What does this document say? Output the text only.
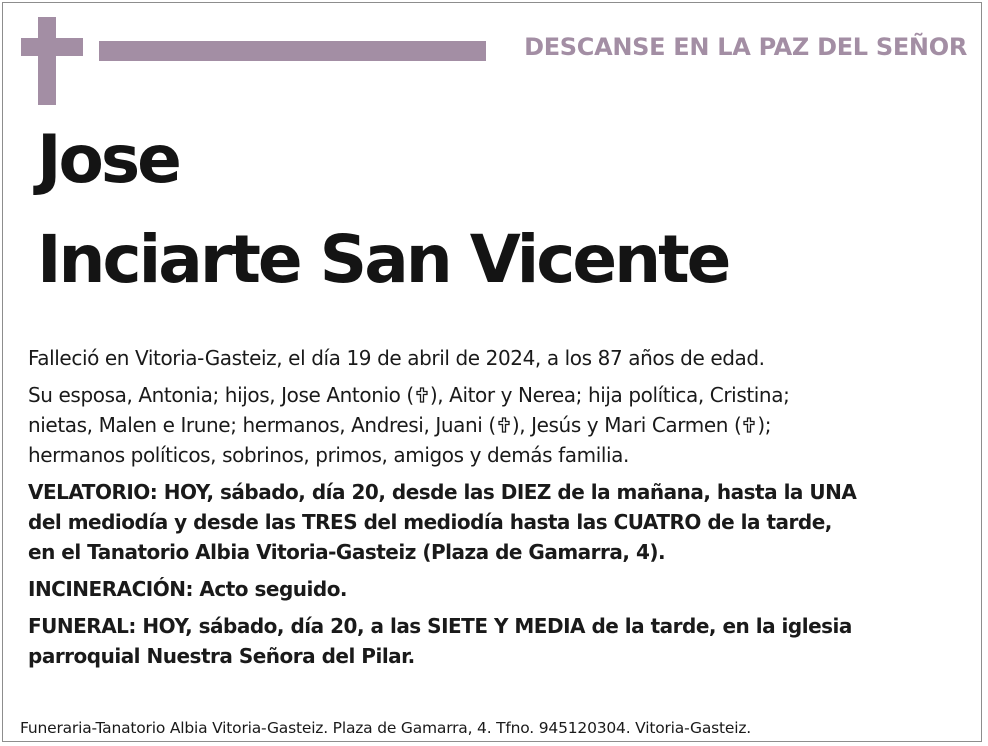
DESCANSE EN LA PAZ DEL SEÑOR
Jose
Inciarte San Vicente

Falleció en Vitoria-Gasteiz, el día 19 de abril de 2024, a los 87 años de edad.

Su esposa, Antonia; hijos, Jose Antonio ( ), Aitor y Nerea; hija política, Cristina;
nietas, Malen e Irune; hermanos, Andresi, Juani ( ), Jesús y Mari Carmen ( );
hermanos políticos, sobrinos, primos, amigos y demás familia.

VELATORIO: HOY, sábado, día 20, desde las DIEZ de la mañana, hasta la UNA
del mediodía y desde las TRES del mediodía hasta las CUATRO de la tarde,
en el Tanatorio Albia Vitoria-Gasteiz (Plaza de Gamarra, 4).

INCINERACIÓN: Acto seguido.

FUNERAL: HOY, sábado, día 20, a las SIETE Y MEDIA de la tarde, en la iglesia
parroquial Nuestra Señora del Pilar.

Funeraria-Tanatorio Albia Vitoria-Gasteiz. Plaza de Gamarra, 4. Tfno. 945120304. Vitoria-Gasteiz.
